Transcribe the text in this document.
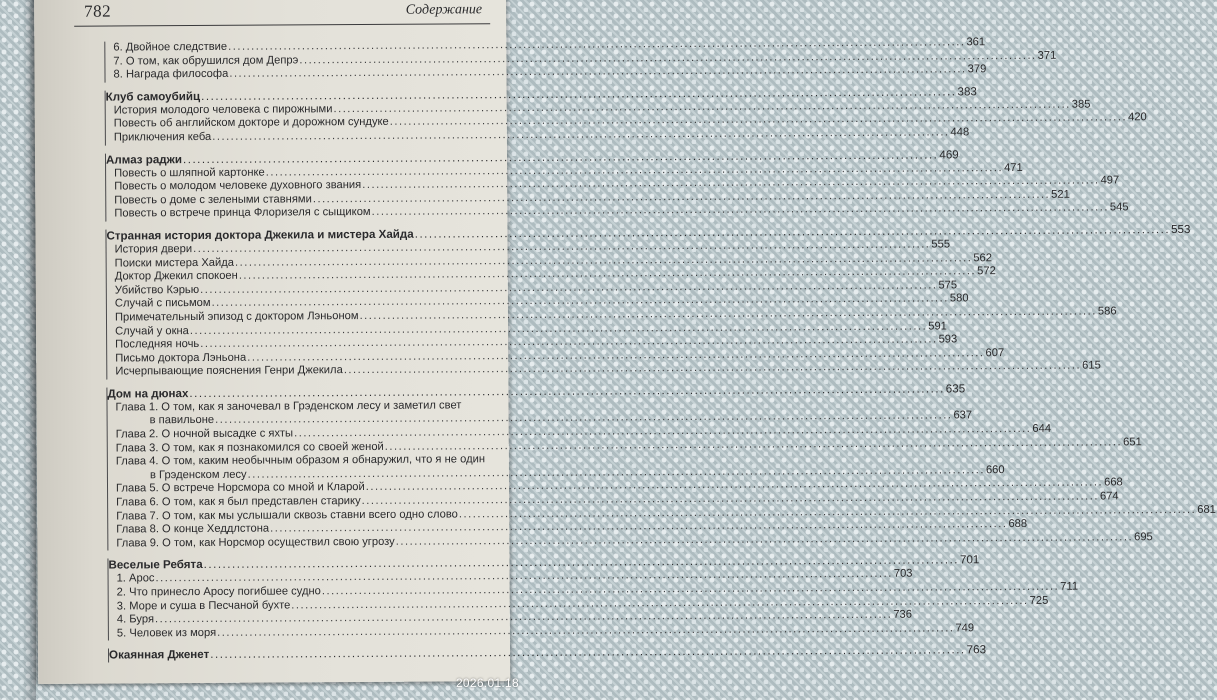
782	Содержание
6. Двойное следствие .....	361
7. О том, как обрушился дом Депрэ .....	371
8. Награда философа .....	379
Клуб самоубийц .....	383
История молодого человека с пирожными .....	385
Повесть об английском докторе и дорожном сундуке .....	420
Приключения кеба .....	448
Алмаз раджи .....	469
Повесть о шляпной картонке .....	471
Повесть о молодом человеке духовного звания .....	497
Повесть о доме с зелеными ставнями .....	521
Повесть о встрече принца Флоризеля с сыщиком .....	545
Странная история доктора Джекила и мистера Хайда .....	553
История двери .....	555
Поиски мистера Хайда .....	562
Доктор Джекил спокоен .....	572
Убийство Кэрью .....	575
Случай с письмом .....	580
Примечательный эпизод с доктором Лэньоном .....	586
Случай у окна .....	591
Последняя ночь .....	593
Письмо доктора Лэньона .....	607
Исчерпывающие пояснения Генри Джекила .....	615
Дом на дюнах .....	635
Глава 1. О том, как я заночевал в Грэденском лесу и заметил свет
в павильоне .....	637
Глава 2. О ночной высадке с яхты .....	644
Глава 3. О том, как я познакомился со своей женой .....	651
Глава 4. О том, каким необычным образом я обнаружил, что я не один
в Грэденском лесу .....	660
Глава 5. О встрече Норсмора со мной и Кларой .....	668
Глава 6. О том, как я был представлен старику .....	674
Глава 7. О том, как мы услышали сквозь ставни всего одно слово .....	681
Глава 8. О конце Хеддлстона .....	688
Глава 9. О том, как Норсмор осуществил свою угрозу .....	695
Веселые Ребята .....	701
1. Арос .....	703
2. Что принесло Аросу погибшее судно .....	711
3. Море и суша в Песчаной бухте .....	725
4. Буря .....	736
5. Человек из моря .....	749
Окаянная Дженет .....	763
2026.01.18
